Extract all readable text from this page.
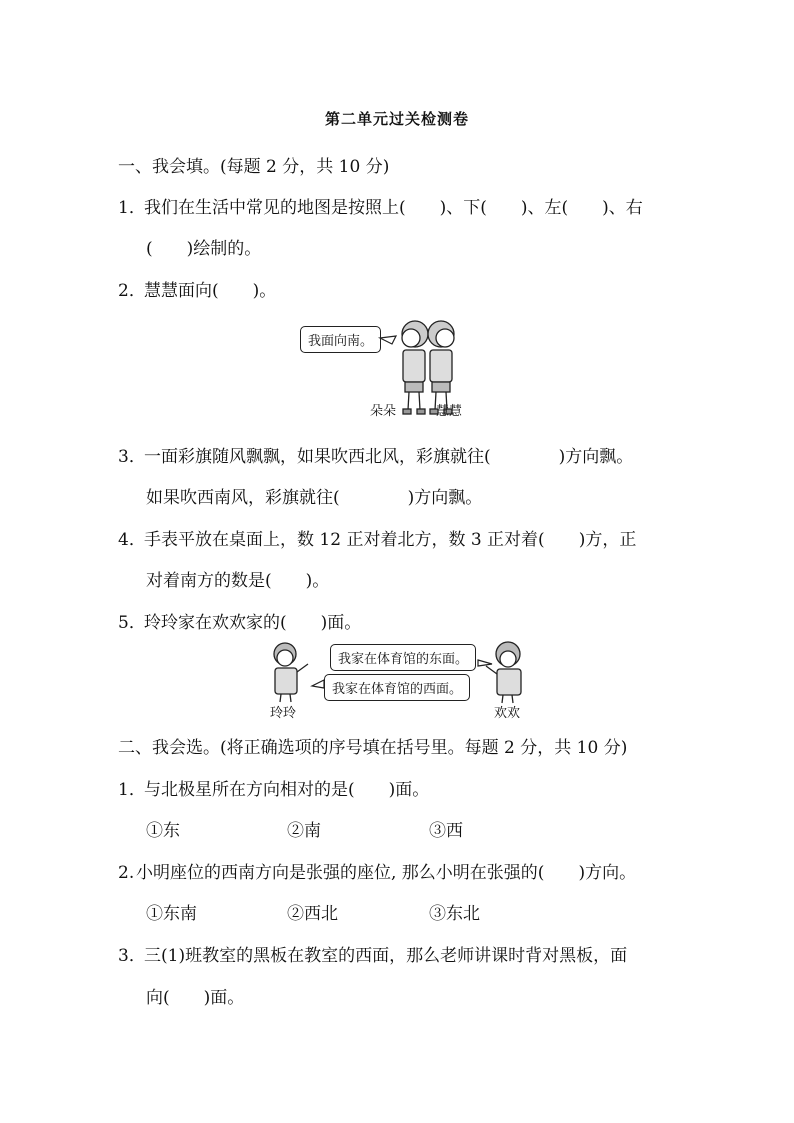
第二单元过关检测卷
一、我会填。(每题 2 分，共 10 分)
1．我们在生活中常见的地图是按照上(　　)、下(　　)、左(　　)、右
(　　)绘制的。
2．慧慧面向(　　)。
我面向南。
朵朵	慧慧
3．一面彩旗随风飘飘，如果吹西北风，彩旗就往(　　　　)方向飘。
如果吹西南风，彩旗就往(　　　　)方向飘。
4．手表平放在桌面上，数 12 正对着北方，数 3 正对着(　　)方，正
对着南方的数是(　　)。
5．玲玲家在欢欢家的(　　)面。
我家在体育馆的东面。
我家在体育馆的西面。
玲玲	欢欢
二、我会选。(将正确选项的序号填在括号里。每题 2 分，共 10 分)
1．与北极星所在方向相对的是(　　)面。
①东	②南	③西
2. 小明座位的西南方向是张强的座位, 那么小明在张强的(　　)方向。
①东南	②西北	③东北
3．三(1)班教室的黑板在教室的西面，那么老师讲课时背对黑板，面
向(　　)面。
